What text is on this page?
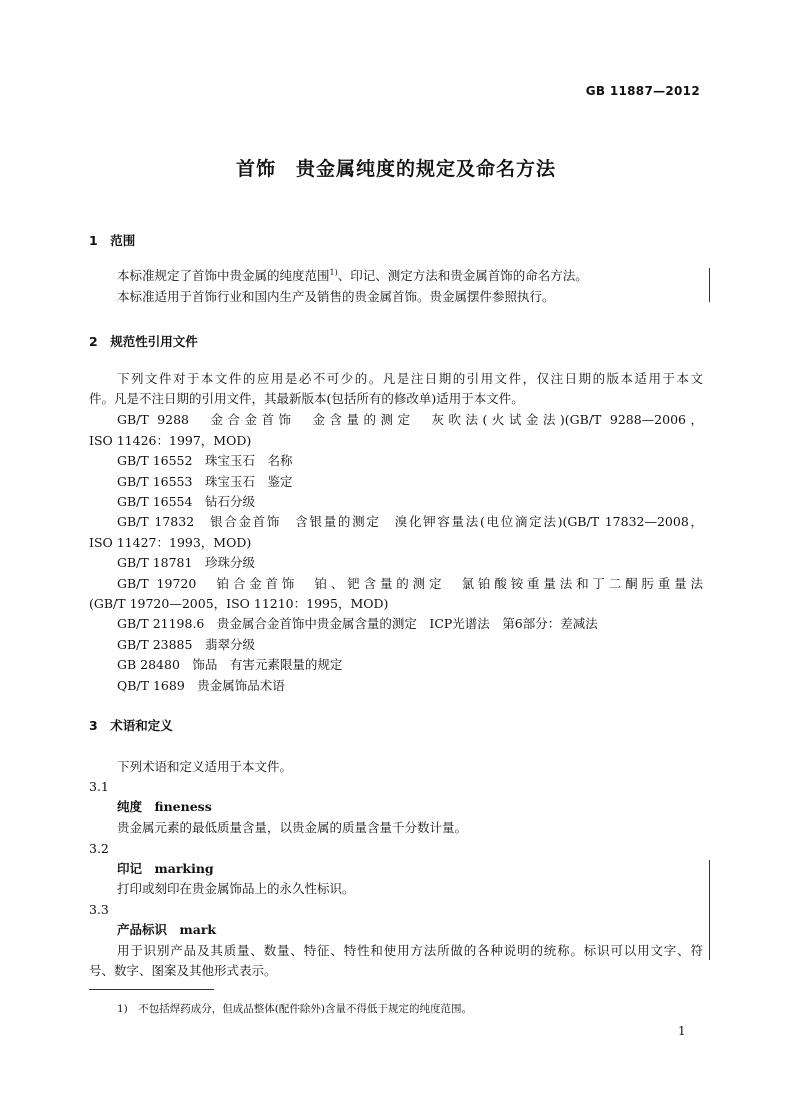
GB 11887—2012
首饰　贵金属纯度的规定及命名方法
1　范围
本标准规定了首饰中贵金属的纯度范围$^{1)}$、印记、测定方法和贵金属首饰的命名方法。
本标准适用于首饰行业和国内生产及销售的贵金属首饰。贵金属摆件参照执行。
2　规范性引用文件
下列文件对于本文件的应用是必不可少的。凡是注日期的引用文件，仅注日期的版本适用于本文
件。凡是不注日期的引用文件，其最新版本(包括所有的修改单)适用于本文件。
GB/T 9288　金合金首饰　金含量的测定　灰吹法(火试金法)(GB/T 9288—2006，
ISO 11426：1997，MOD)
GB/T 16552　珠宝玉石　名称
GB/T 16553　珠宝玉石　鉴定
GB/T 16554　钻石分级
GB/T 17832　银合金首饰　含银量的测定　溴化钾容量法(电位滴定法)(GB/T 17832—2008，
ISO 11427：1993，MOD)
GB/T 18781　珍珠分级
GB/T 19720　铂合金首饰　铂、钯含量的测定　氯铂酸铵重量法和丁二酮肟重量法
(GB/T 19720—2005，ISO 11210：1995，MOD)
GB/T 21198.6　贵金属合金首饰中贵金属含量的测定　ICP光谱法　第6部分：差减法
GB/T 23885　翡翠分级
GB 28480　饰品　有害元素限量的规定
QB/T 1689　贵金属饰品术语
3　术语和定义
下列术语和定义适用于本文件。
3.1
纯度　fineness
贵金属元素的最低质量含量，以贵金属的质量含量千分数计量。
3.2
印记　marking
打印或刻印在贵金属饰品上的永久性标识。
3.3
产品标识　mark
用于识别产品及其质量、数量、特征、特性和使用方法所做的各种说明的统称。标识可以用文字、符
号、数字、图案及其他形式表示。
1)　 不包括焊药成分，但成品整体(配件除外)含量不得低于规定的纯度范围。
1
